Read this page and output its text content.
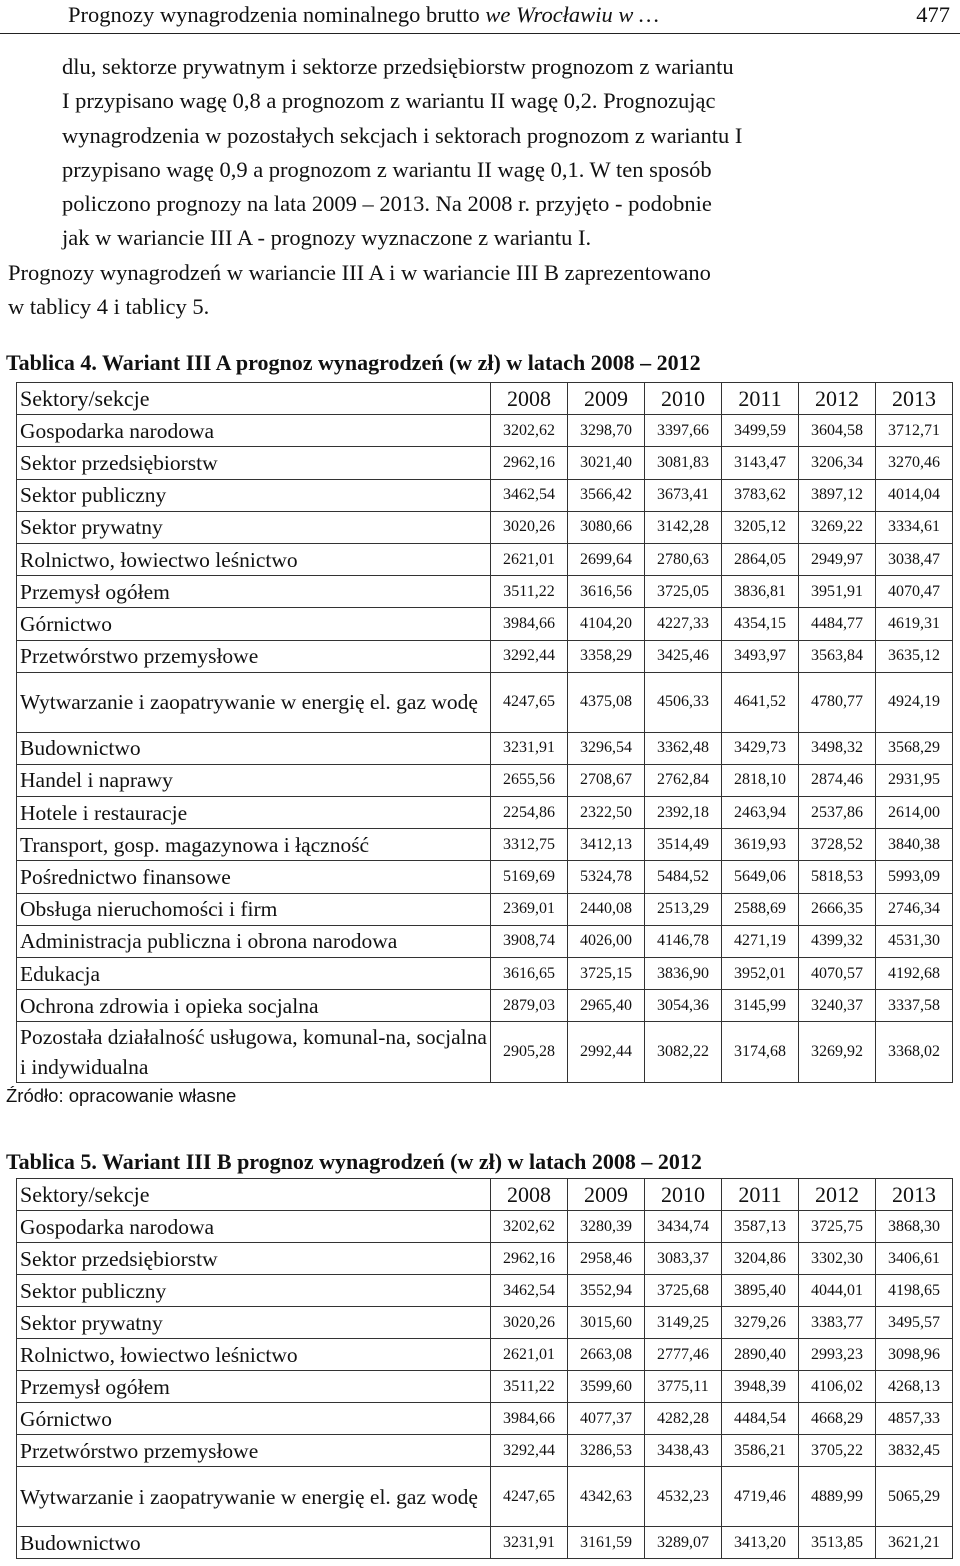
Prognozy wynagrodzenia nominalnego brutto we Wrocławiu w …	477
dlu, sektorze prywatnym i sektorze przedsiębiorstw prognozom z wariantu
I przypisano wagę 0,8 a prognozom z wariantu II wagę 0,2. Prognozując
wynagrodzenia w pozostałych sekcjach i sektorach prognozom z wariantu I
przypisano wagę 0,9 a prognozom z wariantu II wagę 0,1. W ten sposób
policzono prognozy na lata 2009 – 2013. Na 2008 r. przyjęto - podobnie
jak w wariancie III A - prognozy wyznaczone z wariantu I.
Prognozy wynagrodzeń w wariancie III A i w wariancie III B zaprezentowano
w tablicy 4 i tablicy 5.
Tablica 4. Wariant III A prognoz wynagrodzeń (w zł) w latach 2008 – 2012
Sektory/sekcje	2008	2009	2010	2011	2012	2013
Gospodarka narodowa	3202,62	3298,70	3397,66	3499,59	3604,58	3712,71
Sektor przedsiębiorstw	2962,16	3021,40	3081,83	3143,47	3206,34	3270,46
Sektor publiczny	3462,54	3566,42	3673,41	3783,62	3897,12	4014,04
Sektor prywatny	3020,26	3080,66	3142,28	3205,12	3269,22	3334,61
Rolnictwo, łowiectwo leśnictwo	2621,01	2699,64	2780,63	2864,05	2949,97	3038,47
Przemysł ogółem	3511,22	3616,56	3725,05	3836,81	3951,91	4070,47
Górnictwo	3984,66	4104,20	4227,33	4354,15	4484,77	4619,31
Przetwórstwo przemysłowe	3292,44	3358,29	3425,46	3493,97	3563,84	3635,12
Wytwarzanie i zaopatrywanie w energię el. gaz wodę	4247,65	4375,08	4506,33	4641,52	4780,77	4924,19
Budownictwo	3231,91	3296,54	3362,48	3429,73	3498,32	3568,29
Handel i naprawy	2655,56	2708,67	2762,84	2818,10	2874,46	2931,95
Hotele i restauracje	2254,86	2322,50	2392,18	2463,94	2537,86	2614,00
Transport, gosp. magazynowa i łączność	3312,75	3412,13	3514,49	3619,93	3728,52	3840,38
Pośrednictwo finansowe	5169,69	5324,78	5484,52	5649,06	5818,53	5993,09
Obsługa nieruchomości i firm	2369,01	2440,08	2513,29	2588,69	2666,35	2746,34
Administracja publiczna i obrona narodowa	3908,74	4026,00	4146,78	4271,19	4399,32	4531,30
Edukacja	3616,65	3725,15	3836,90	3952,01	4070,57	4192,68
Ochrona zdrowia i opieka socjalna	2879,03	2965,40	3054,36	3145,99	3240,37	3337,58
Pozostała działalność usługowa, komunal-na, socjalna i indywidualna	2905,28	2992,44	3082,22	3174,68	3269,92	3368,02
Źródło: opracowanie własne
Tablica 5. Wariant III B prognoz wynagrodzeń (w zł) w latach 2008 – 2012
Sektory/sekcje	2008	2009	2010	2011	2012	2013
Gospodarka narodowa	3202,62	3280,39	3434,74	3587,13	3725,75	3868,30
Sektor przedsiębiorstw	2962,16	2958,46	3083,37	3204,86	3302,30	3406,61
Sektor publiczny	3462,54	3552,94	3725,68	3895,40	4044,01	4198,65
Sektor prywatny	3020,26	3015,60	3149,25	3279,26	3383,77	3495,57
Rolnictwo, łowiectwo leśnictwo	2621,01	2663,08	2777,46	2890,40	2993,23	3098,96
Przemysł ogółem	3511,22	3599,60	3775,11	3948,39	4106,02	4268,13
Górnictwo	3984,66	4077,37	4282,28	4484,54	4668,29	4857,33
Przetwórstwo przemysłowe	3292,44	3286,53	3438,43	3586,21	3705,22	3832,45
Wytwarzanie i zaopatrywanie w energię el. gaz wodę	4247,65	4342,63	4532,23	4719,46	4889,99	5065,29
Budownictwo	3231,91	3161,59	3289,07	3413,20	3513,85	3621,21
